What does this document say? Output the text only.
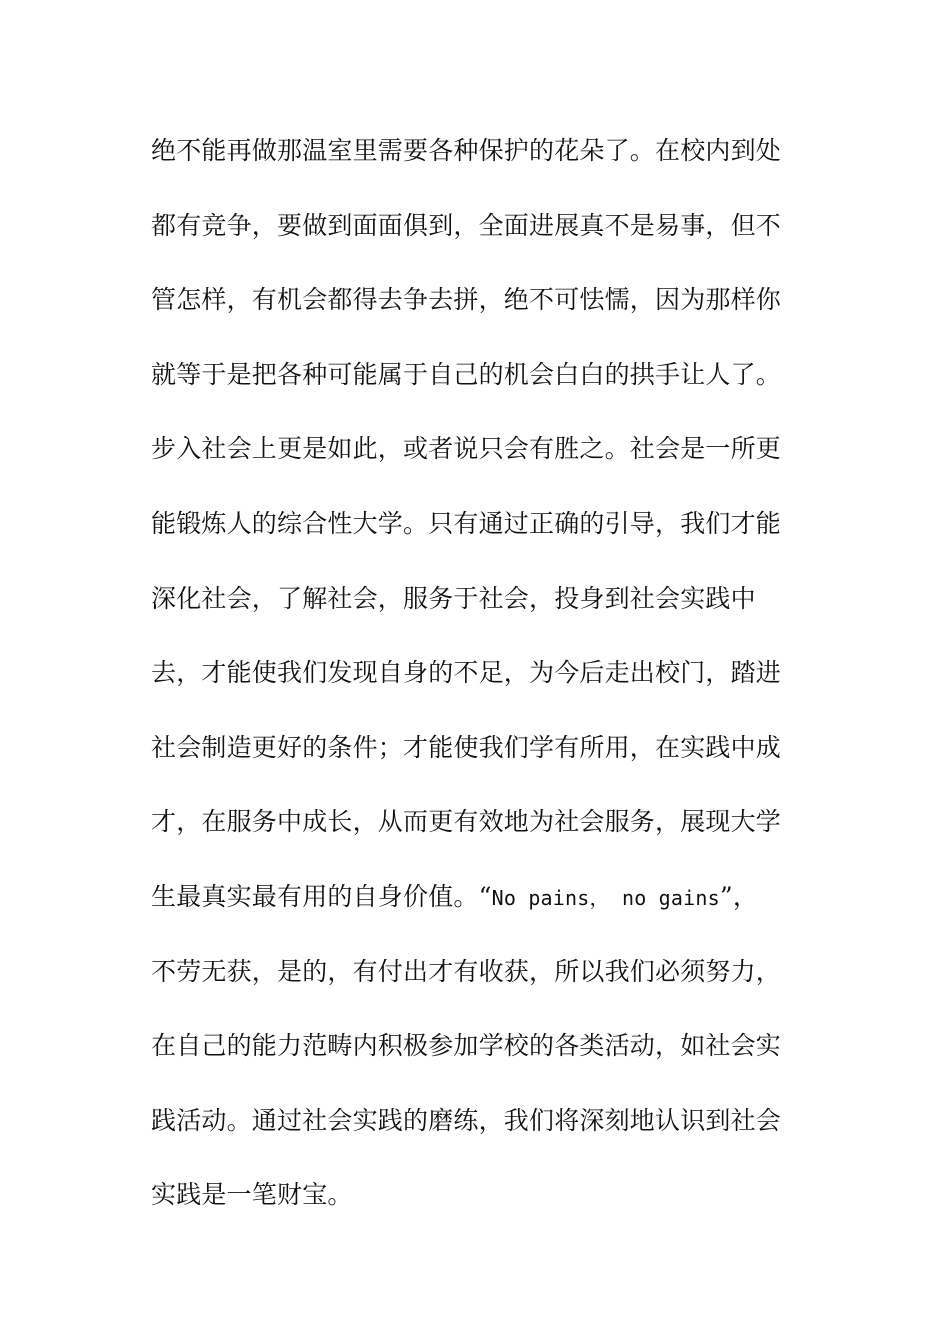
绝不能再做那温室里需要各种保护的花朵了。在校内到处
都有竞争，要做到面面俱到，全面进展真不是易事，但不
管怎样，有机会都得去争去拼，绝不可怯懦，因为那样你
就等于是把各种可能属于自己的机会白白的拱手让人了。
步入社会上更是如此，或者说只会有胜之。社会是一所更
能锻炼人的综合性大学。只有通过正确的引导，我们才能
深化社会，了解社会，服务于社会，投身到社会实践中
去，才能使我们发现自身的不足，为今后走出校门，踏进
社会制造更好的条件；才能使我们学有所用，在实践中成
才，在服务中成长，从而更有效地为社会服务，展现大学
生最真实最有用的自身价值。“No pains， no gains”，
不劳无获，是的，有付出才有收获，所以我们必须努力，
在自己的能力范畴内积极参加学校的各类活动，如社会实
践活动。通过社会实践的磨练，我们将深刻地认识到社会
实践是一笔财宝。
